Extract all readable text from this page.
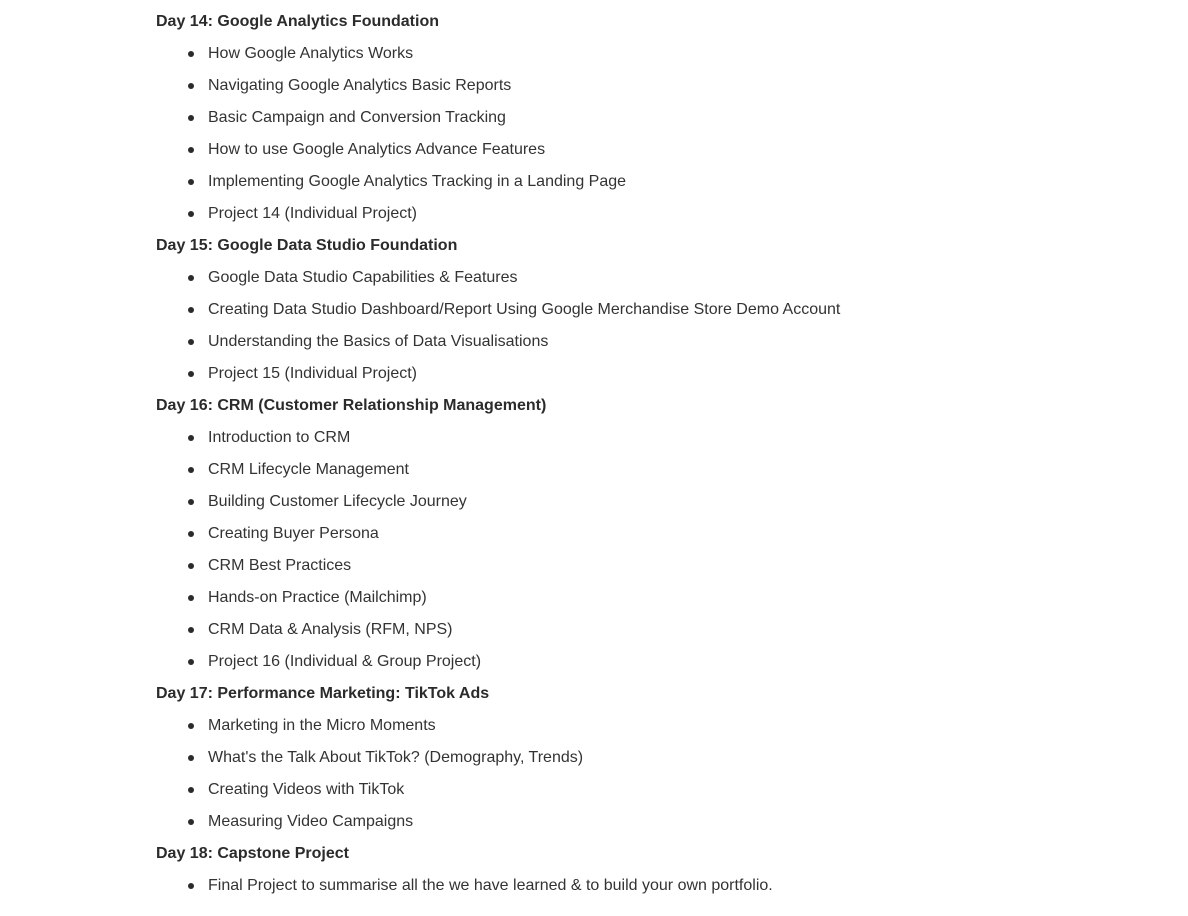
Day 14: Google Analytics Foundation
How Google Analytics Works
Navigating Google Analytics Basic Reports
Basic Campaign and Conversion Tracking
How to use Google Analytics Advance Features
Implementing Google Analytics Tracking in a Landing Page
Project 14 (Individual Project)
Day 15: Google Data Studio Foundation
Google Data Studio Capabilities & Features
Creating Data Studio Dashboard/Report Using Google Merchandise Store Demo Account
Understanding the Basics of Data Visualisations
Project 15 (Individual Project)
Day 16: CRM (Customer Relationship Management)
Introduction to CRM
CRM Lifecycle Management
Building Customer Lifecycle Journey
Creating Buyer Persona
CRM Best Practices
Hands-on Practice (Mailchimp)
CRM Data & Analysis (RFM, NPS)
Project 16 (Individual & Group Project)
Day 17: Performance Marketing: TikTok Ads
Marketing in the Micro Moments
What's the Talk About TikTok? (Demography, Trends)
Creating Videos with TikTok
Measuring Video Campaigns
Day 18: Capstone Project
Final Project to summarise all the we have learned & to build your own portfolio.
